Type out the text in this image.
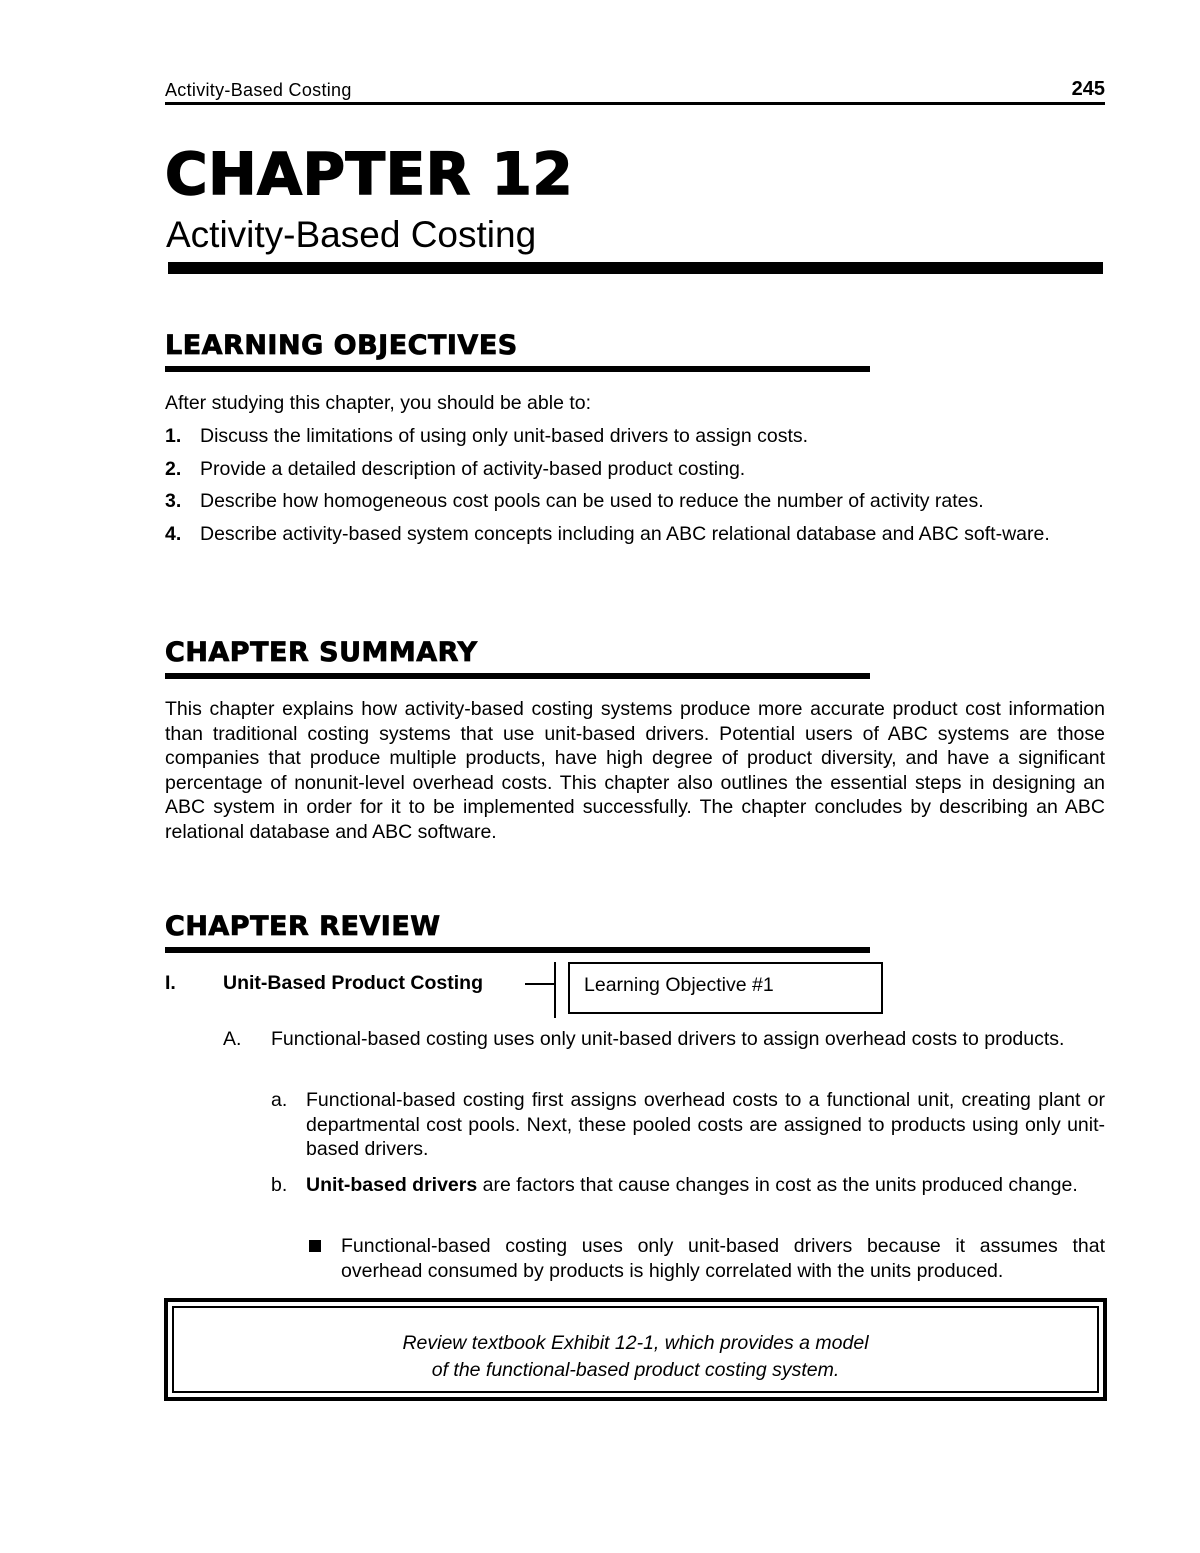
Activity-Based Costing	245
CHAPTER 12
Activity-Based Costing
LEARNING OBJECTIVES
After studying this chapter, you should be able to:
1. Discuss the limitations of using only unit-based drivers to assign costs.
2. Provide a detailed description of activity-based product costing.
3. Describe how homogeneous cost pools can be used to reduce the number of activity rates.
4. Describe activity-based system concepts including an ABC relational database and ABC soft-ware.
CHAPTER SUMMARY
This chapter explains how activity-based costing systems produce more accurate product cost information than traditional costing systems that use unit-based drivers. Potential users of ABC systems are those companies that produce multiple products, have high degree of product diversity, and have a significant percentage of nonunit-level overhead costs. This chapter also outlines the essential steps in designing an ABC system in order for it to be implemented successfully. The chapter concludes by describing an ABC relational database and ABC software.
CHAPTER REVIEW
I. Unit-Based Product Costing	Learning Objective #1
A. Functional-based costing uses only unit-based drivers to assign overhead costs to products.
a. Functional-based costing first assigns overhead costs to a functional unit, creating plant or departmental cost pools. Next, these pooled costs are assigned to products using only unit-based drivers.
b. Unit-based drivers are factors that cause changes in cost as the units produced change.
Functional-based costing uses only unit-based drivers because it assumes that overhead consumed by products is highly correlated with the units produced.
Review textbook Exhibit 12-1, which provides a model
of the functional-based product costing system.
